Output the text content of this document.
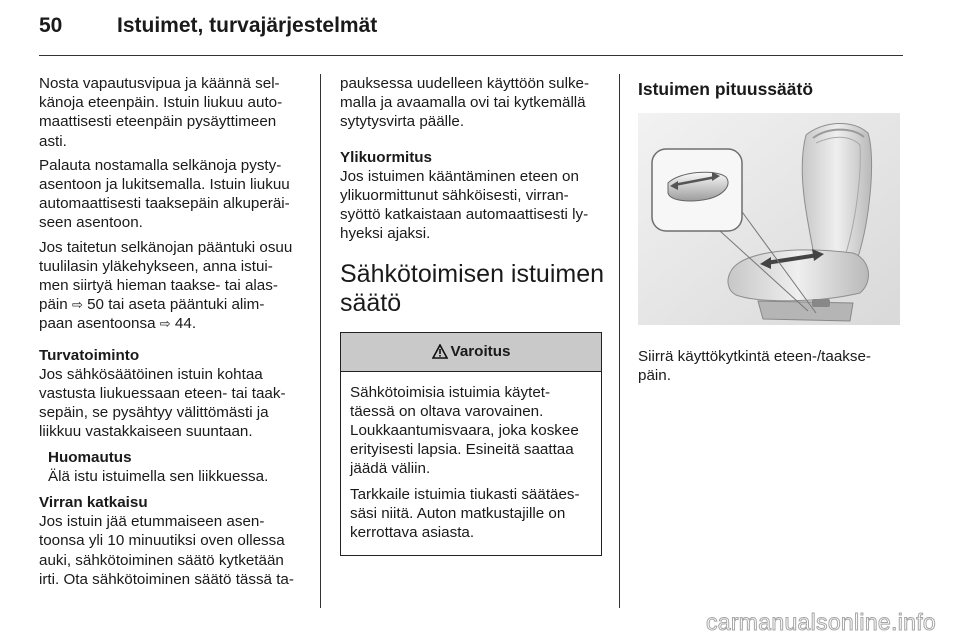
50	Istuimet, turvajärjestelmät

Nosta vapautusvipua ja käännä sel-
känoja eteenpäin. Istuin liukuu auto-
maattisesti eteenpäin pysäyttimeen
asti.

Palauta nostamalla selkänoja pysty-
asentoon ja lukitsemalla. Istuin liukuu
automaattisesti taaksepäin alkuperäi-
seen asentoon.

Jos taitetun selkänojan pääntuki osuu
tuulilasin yläkehykseen, anna istui-
men siirtyä hieman taakse- tai alas-
päin ⇨ 50 tai aseta pääntuki alim-
paan asentoonsa ⇨ 44.

Turvatoiminto

Jos sähkösäätöinen istuin kohtaa
vastusta liukuessaan eteen- tai taak-
sepäin, se pysähtyy välittömästi ja
liikkuu vastakkaiseen suuntaan.

Huomautus
Älä istu istuimella sen liikkuessa.
Virran katkaisu

Jos istuin jää etummaiseen asen-
toonsa yli 10 minuutiksi oven ollessa
auki, sähkötoiminen säätö kytketään
irti. Ota sähkötoiminen säätö tässä ta-

pauksessa uudelleen käyttöön sulke-
malla ja avaamalla ovi tai kytkemällä
sytytysvirta päälle.

Ylikuormitus

Jos istuimen kääntäminen eteen on
ylikuormittunut sähköisesti, virran-
syöttö katkaistaan automaattisesti ly-
hyeksi ajaksi.

Sähkötoimisen istuimen
säätö
Varoitus

Sähkötoimisia istuimia käytet-
täessä on oltava varovainen.
Loukkaantumisvaara, joka koskee
erityisesti lapsia. Esineitä saattaa
jäädä väliin.

Tarkkaile istuimia tiukasti säätäes-
säsi niitä. Auton matkustajille on
kerrottava asiasta.

Istuimen pituussäätö

Siirrä käyttökytkintä eteen-/taakse-
päin.

carmanualsonline.info
